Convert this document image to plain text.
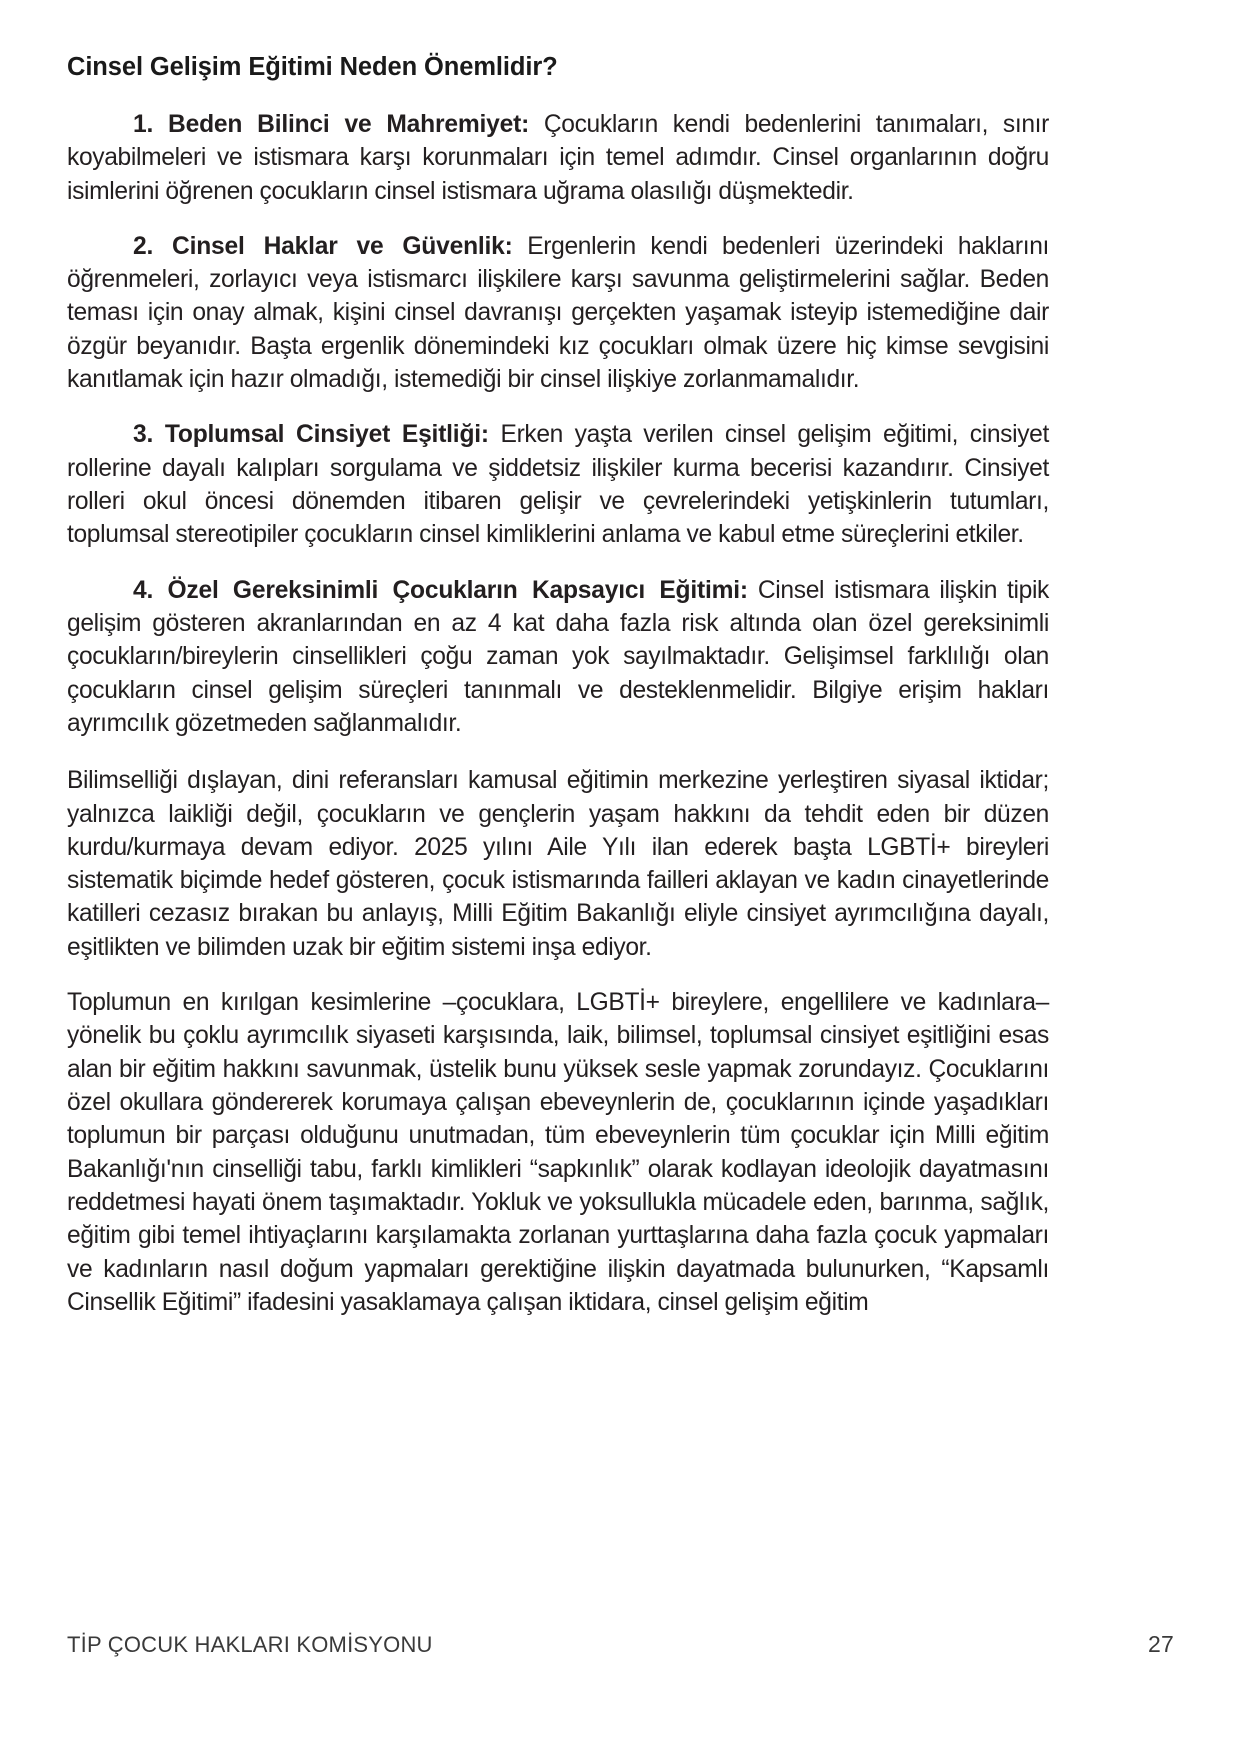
Cinsel Gelişim Eğitimi Neden Önemlidir?

1. Beden Bilinci ve Mahremiyet: Çocukların kendi bedenlerini tanımaları, sınır koyabilmeleri ve istismara karşı korunmaları için temel adımdır. Cinsel organlarının doğru isimlerini öğrenen çocukların cinsel istismara uğrama olasılığı düşmektedir.

2. Cinsel Haklar ve Güvenlik: Ergenlerin kendi bedenleri üzerindeki haklarını öğrenmeleri, zorlayıcı veya istismarcı ilişkilere karşı savunma geliştirmelerini sağlar. Beden teması için onay almak, kişini cinsel davranışı gerçekten yaşamak isteyip istemediğine dair özgür beyanıdır. Başta ergenlik dönemindeki kız çocukları olmak üzere hiç kimse sevgisini kanıtlamak için hazır olmadığı, istemediği bir cinsel ilişkiye zorlanmamalıdır.

3. Toplumsal Cinsiyet Eşitliği: Erken yaşta verilen cinsel gelişim eğitimi, cinsiyet rollerine dayalı kalıpları sorgulama ve şiddetsiz ilişkiler kurma becerisi kazandırır. Cinsiyet rolleri okul öncesi dönemden itibaren gelişir ve çevrelerindeki yetişkinlerin tutumları, toplumsal stereotipiler çocukların cinsel kimliklerini anlama ve kabul etme süreçlerini etkiler.

4. Özel Gereksinimli Çocukların Kapsayıcı Eğitimi: Cinsel istismara ilişkin tipik gelişim gösteren akranlarından en az 4 kat daha fazla risk altında olan özel gereksinimli çocukların/bireylerin cinsellikleri çoğu zaman yok sayılmaktadır. Gelişimsel farklılığı olan çocukların cinsel gelişim süreçleri tanınmalı ve desteklenmelidir. Bilgiye erişim hakları ayrımcılık gözetmeden sağlanmalıdır.

Bilimselliği dışlayan, dini referansları kamusal eğitimin merkezine yerleştiren siyasal iktidar; yalnızca laikliği değil, çocukların ve gençlerin yaşam hakkını da tehdit eden bir düzen kurdu/kurmaya devam ediyor. 2025 yılını Aile Yılı ilan ederek başta LGBTİ+ bireyleri sistematik biçimde hedef gösteren, çocuk istismarında failleri aklayan ve kadın cinayetlerinde katilleri cezasız bırakan bu anlayış, Milli Eğitim Bakanlığı eliyle cinsiyet ayrımcılığına dayalı, eşitlikten ve bilimden uzak bir eğitim sistemi inşa ediyor.

Toplumun en kırılgan kesimlerine –çocuklara, LGBTİ+ bireylere, engellilere ve kadınlara– yönelik bu çoklu ayrımcılık siyaseti karşısında, laik, bilimsel, toplumsal cinsiyet eşitliğini esas alan bir eğitim hakkını savunmak, üstelik bunu yüksek sesle yapmak zorundayız. Çocuklarını özel okullara göndererek korumaya çalışan ebeveynlerin de, çocuklarının içinde yaşadıkları toplumun bir parçası olduğunu unutmadan, tüm ebeveynlerin tüm çocuklar için Milli eğitim Bakanlığı'nın cinselliği tabu, farklı kimlikleri “sapkınlık” olarak kodlayan ideolojik dayatmasını reddetmesi hayati önem taşımaktadır. Yokluk ve yoksullukla mücadele eden, barınma, sağlık, eğitim gibi temel ihtiyaçlarını karşılamakta zorlanan yurttaşlarına daha fazla çocuk yapmaları ve kadınların nasıl doğum yapmaları gerektiğine ilişkin dayatmada bulunurken, “Kapsamlı Cinsellik Eğitimi” ifadesini yasaklamaya çalışan iktidara, cinsel gelişim eğitim

TİP ÇOCUK HAKLARI KOMİSYONU	27
